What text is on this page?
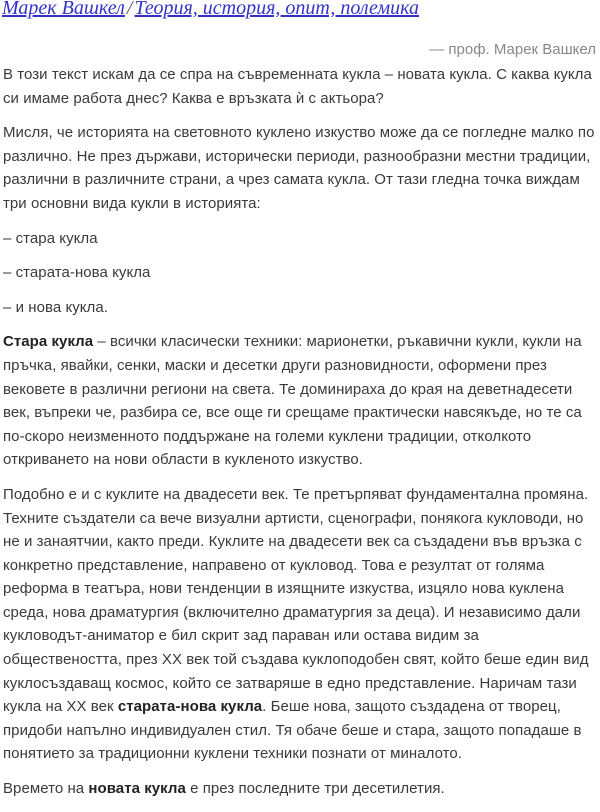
Марек Вашкел / Теория, история, опит, полемика
— проф. Марек Вашкел

В този текст искам да се спра на съвременната кукла – новата кукла. С каква кукла си имаме работа днес? Каква е връзката ѝ с актьора?

Мисля, че историята на световното куклено изкуство може да се погледне малко по различно. Не през държави, исторически периоди, разнообразни местни традиции, различни в различните страни, а чрез самата кукла. От тази гледна точка виждам три основни вида кукли в историята:

– стара кукла

– старата-нова кукла

– и нова кукла.

Стара кукла – всички класически техники: марионетки, ръкавични кукли, кукли на пръчка, явайки, сенки, маски и десетки други разновидности, оформени през вековете в различни региони на света. Те доминираха до края на деветнадесети век, въпреки че, разбира се, все още ги срещаме практически навсякъде, но те са по-скоро неизменното поддържане на големи куклени традиции, отколкото откриването на нови области в кукленото изкуство.

Подобно е и с куклите на двадесети век. Те претърпяват фундаментална промяна. Техните създатели са вече визуални артисти, сценографи, понякога кукловоди, но не и занаятчии, както преди. Куклите на двадесети век са създадени във връзка с конкретно представление, направено от кукловод. Това е резултат от голяма реформа в театъра, нови тенденции в изящните изкуства, изцяло нова куклена среда, нова драматургия (включително драматургия за деца). И независимо дали кукловодът-аниматор е бил скрит зад параван или остава видим за обществеността, през XX век той създава куклоподобен свят, който беше един вид куклосъздаващ космос, който се затваряше в едно представление. Наричам тази кукла на XX век старата-нова кукла. Беше нова, защото създадена от творец, придоби напълно индивидуален стил. Тя обаче беше и стара, защото попадаше в понятието за традиционни куклени техники познати от миналото.

Времето на новата кукла е през последните три десетилетия.
